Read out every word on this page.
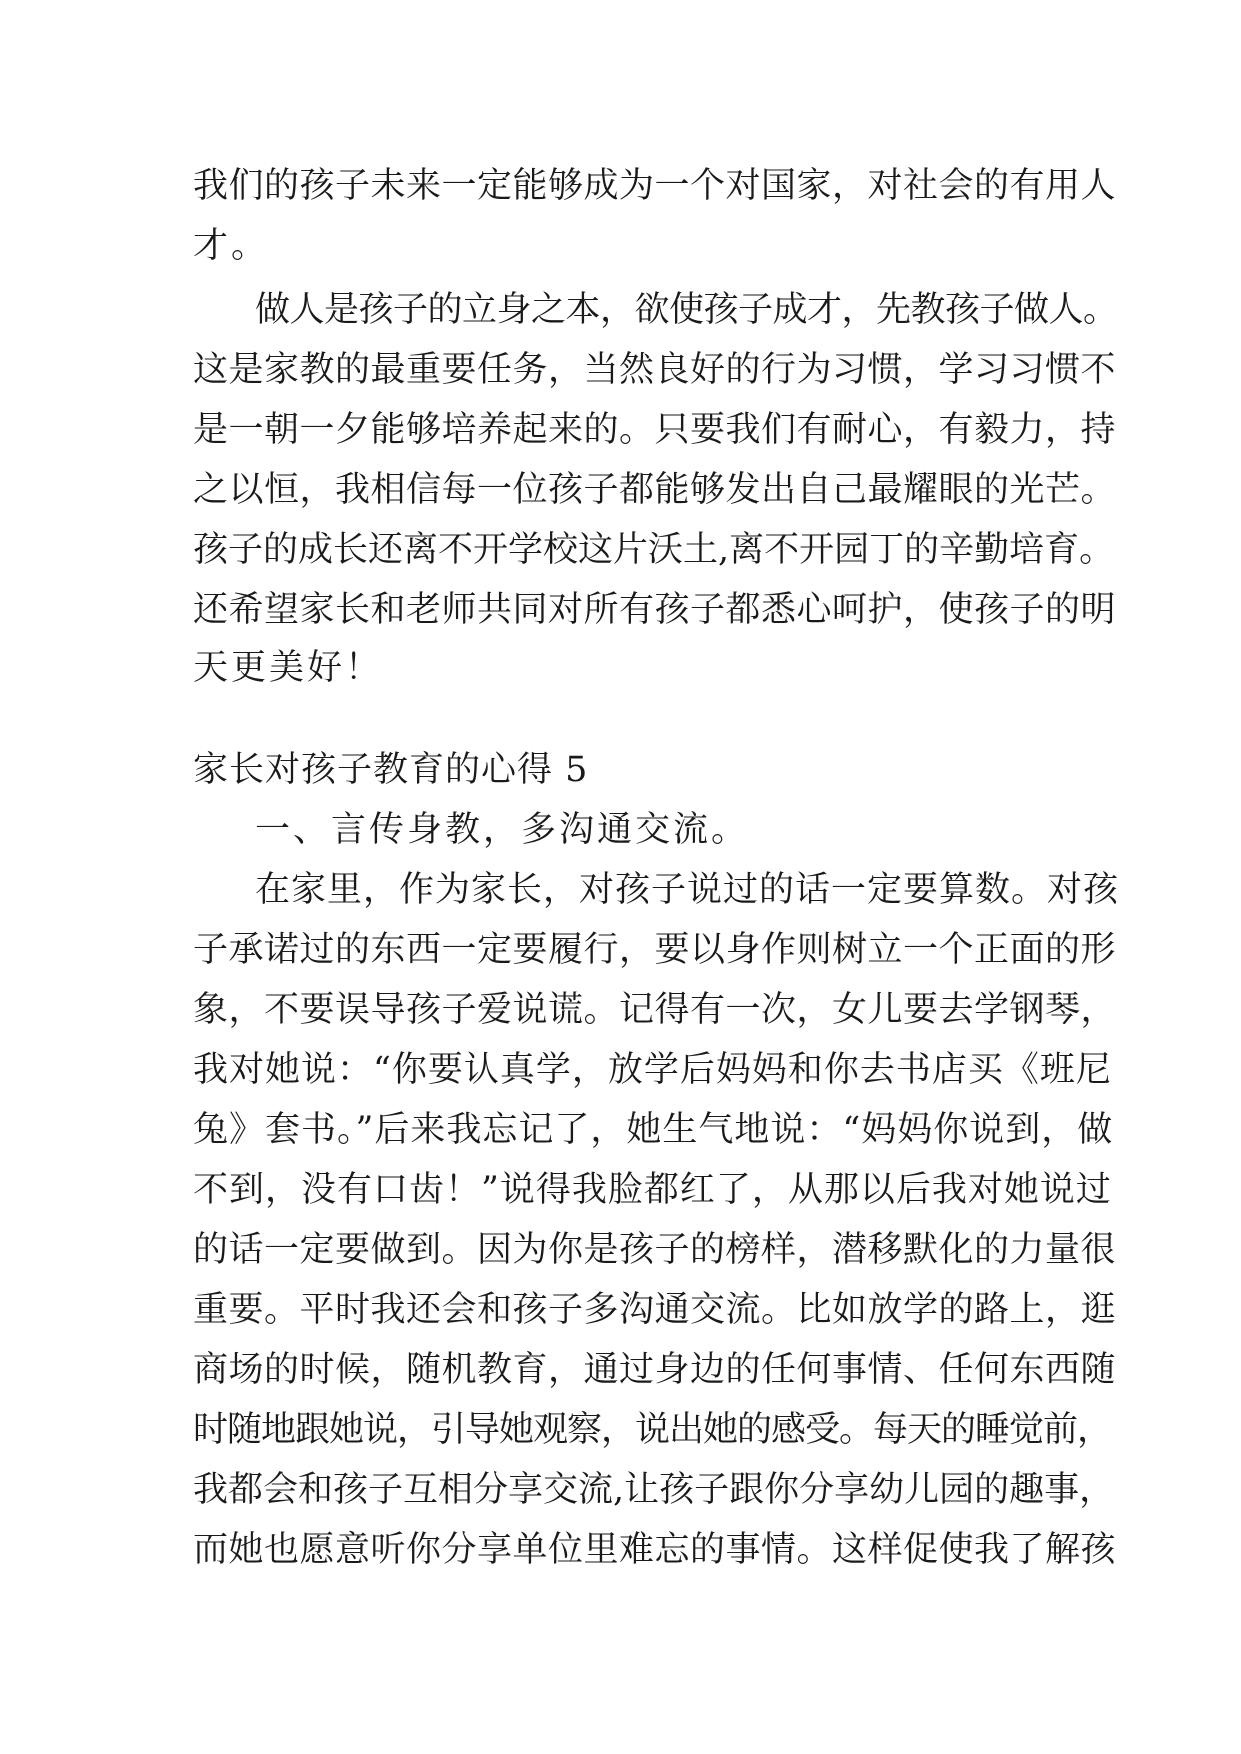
我们的孩子未来一定能够成为一个对国家，对社会的有用人

才。

做人是孩子的立身之本，欲使孩子成才，先教孩子做人。

这是家教的最重要任务，当然良好的行为习惯，学习习惯不

是一朝一夕能够培养起来的。只要我们有耐心，有毅力，持

之以恒，我相信每一位孩子都能够发出自己最耀眼的光芒。

孩子的成长还离不开学校这片沃土,离不开园丁的辛勤培育。

还希望家长和老师共同对所有孩子都悉心呵护，使孩子的明

天更美好！

家长对孩子教育的心得 5

一、言传身教，多沟通交流。

在家里，作为家长，对孩子说过的话一定要算数。对孩

子承诺过的东西一定要履行，要以身作则树立一个正面的形

象，不要误导孩子爱说谎。记得有一次，女儿要去学钢琴，

我对她说：“你要认真学，放学后妈妈和你去书店买《班尼

兔》套书。”后来我忘记了，她生气地说：“妈妈你说到，做

不到，没有口齿！”说得我脸都红了，从那以后我对她说过

的话一定要做到。因为你是孩子的榜样，潜移默化的力量很

重要。平时我还会和孩子多沟通交流。比如放学的路上，逛

商场的时候，随机教育，通过身边的任何事情、任何东西随

时随地跟她说，引导她观察，说出她的感受。每天的睡觉前，

我都会和孩子互相分享交流,让孩子跟你分享幼儿园的趣事，

而她也愿意听你分享单位里难忘的事情。这样促使我了解孩
